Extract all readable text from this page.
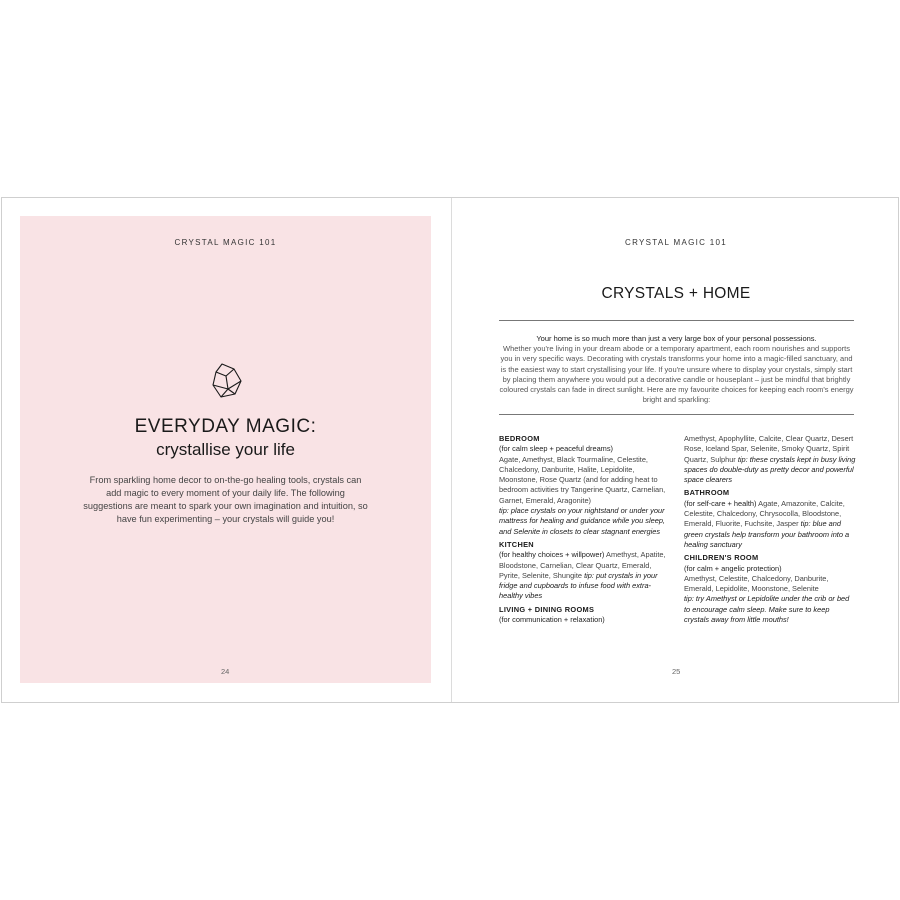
CRYSTAL MAGIC 101
EVERYDAY MAGIC:
crystallise your life
From sparkling home decor to on-the-go healing tools, crystals can add magic to every moment of your daily life. The following suggestions are meant to spark your own imagination and intuition, so have fun experimenting – your crystals will guide you!
24
CRYSTAL MAGIC 101
CRYSTALS + HOME
Your home is so much more than just a very large box of your personal possessions.
Whether you're living in your dream abode or a temporary apartment, each room nourishes and supports you in very specific ways. Decorating with crystals transforms your home into a magic-filled sanctuary, and is the easiest way to start crystallising your life. If you're unsure where to display your crystals, simply start by placing them anywhere you would put a decorative candle or houseplant – just be mindful that brightly coloured crystals can fade in direct sunlight. Here are my favourite choices for keeping each room's energy bright and sparkling:
BEDROOM
(for calm sleep + peaceful dreams)
Agate, Amethyst, Black Tourmaline, Celestite, Chalcedony, Danburite, Halite, Lepidolite, Moonstone, Rose Quartz (and for adding heat to bedroom activities try Tangerine Quartz, Carnelian, Garnet, Emerald, Aragonite)
tip: place crystals on your nightstand or under your mattress for healing and guidance while you sleep, and Selenite in closets to clear stagnant energies
KITCHEN
(for healthy choices + willpower) Amethyst, Apatite, Bloodstone, Carnelian, Clear Quartz, Emerald, Pyrite, Selenite, Shungite tip: put crystals in your fridge and cupboards to infuse food with extra-healthy vibes
LIVING + DINING ROOMS
(for communication + relaxation)
Amethyst, Apophyllite, Calcite, Clear Quartz, Desert Rose, Iceland Spar, Selenite, Smoky Quartz, Spirit Quartz, Sulphur tip: these crystals kept in busy living spaces do double-duty as pretty decor and powerful space clearers
BATHROOM
(for self-care + health) Agate, Amazonite, Calcite, Celestite, Chalcedony, Chrysocolla, Bloodstone, Emerald, Fluorite, Fuchsite, Jasper tip: blue and green crystals help transform your bathroom into a healing sanctuary
CHILDREN'S ROOM
(for calm + angelic protection)
Amethyst, Celestite, Chalcedony, Danburite, Emerald, Lepidolite, Moonstone, Selenite
tip: try Amethyst or Lepidolite under the crib or bed to encourage calm sleep. Make sure to keep crystals away from little mouths!
25
